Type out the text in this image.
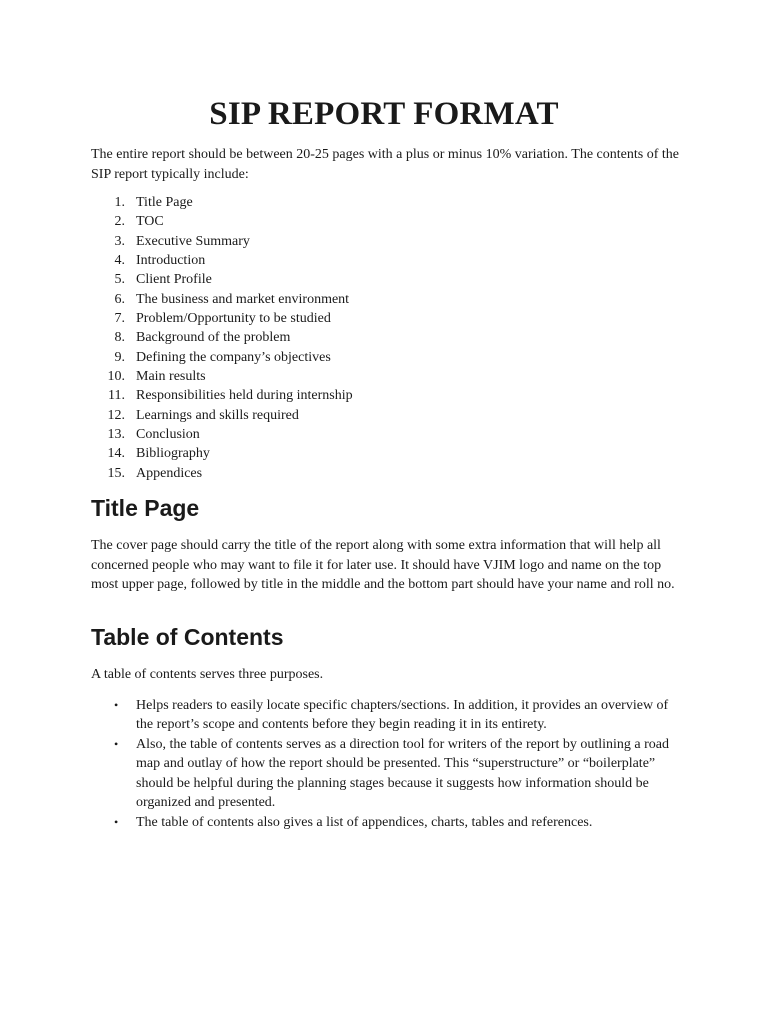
SIP REPORT FORMAT

The entire report should be between 20-25 pages with a plus or minus 10% variation. The contents of the SIP report typically include:

1. Title Page
2. TOC
3. Executive Summary
4. Introduction
5. Client Profile
6. The business and market environment
7. Problem/Opportunity to be studied
8. Background of the problem
9. Defining the company’s objectives
10. Main results
11. Responsibilities held during internship
12. Learnings and skills required
13. Conclusion
14. Bibliography
15. Appendices
Title Page

The cover page should carry the title of the report along with some extra information that will help all concerned people who may want to file it for later use. It should have VJIM logo and name on the top most upper page, followed by title in the middle and the bottom part should have your name and roll no.

Table of Contents

A table of contents serves three purposes.

• Helps readers to easily locate specific chapters/sections. In addition, it provides an overview of the report’s scope and contents before they begin reading it in its entirety.
• Also, the table of contents serves as a direction tool for writers of the report by outlining a road map and outlay of how the report should be presented. This “superstructure” or “boilerplate” should be helpful during the planning stages because it suggests how information should be organized and presented.
• The table of contents also gives a list of appendices, charts, tables and references.
